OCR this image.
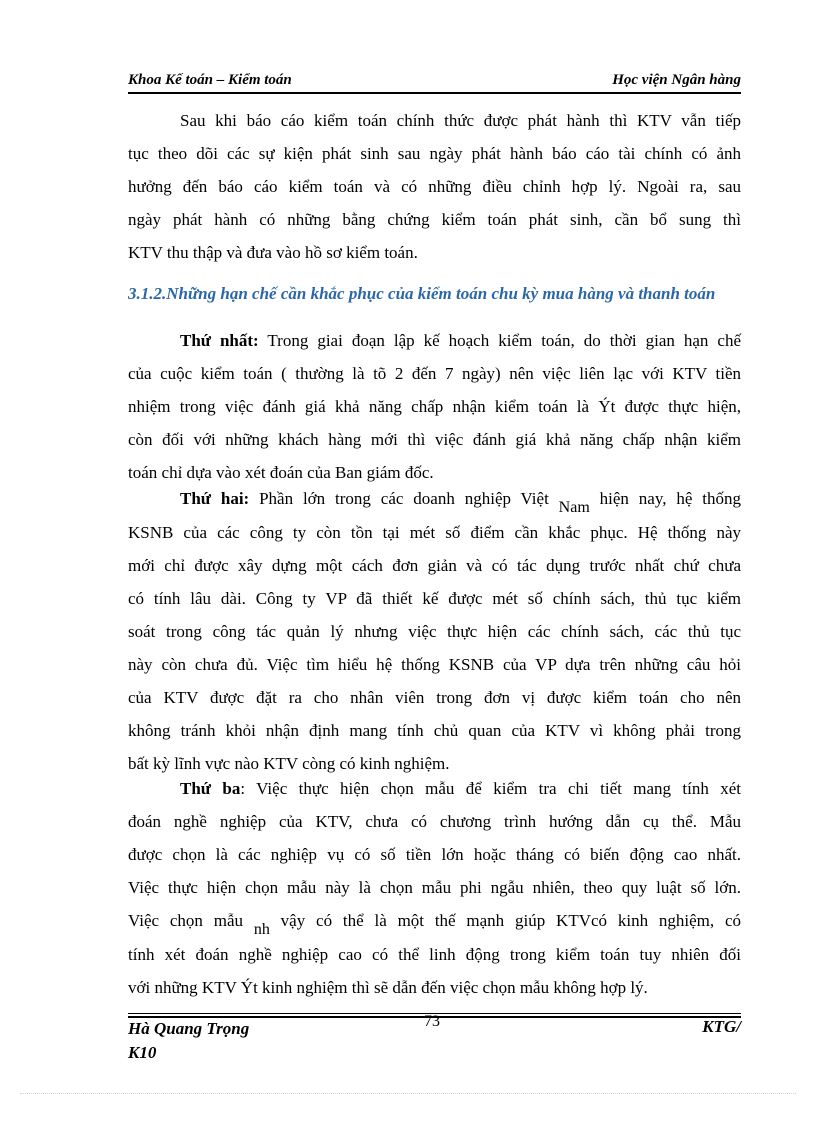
Khoa Kế toán – Kiểm toán	Học viện Ngân hàng
Sau khi báo cáo kiểm toán chính thức được phát hành thì KTV vẫn tiếp
tục theo dõi các sự kiện phát sinh sau ngày phát hành báo cáo tài chính có ảnh
hưởng đến báo cáo kiểm toán và có những điều chỉnh hợp lý. Ngoài ra, sau
ngày phát hành có những bằng chứng kiểm toán phát sinh, cần bổ sung thì
KTV thu thập và đưa vào hồ sơ kiểm toán.
3.1.2.Những hạn chế cần khắc phục của kiểm toán chu kỳ mua hàng và thanh toán
Thứ nhất: Trong giai đoạn lập kế hoạch kiểm toán, do thời gian hạn chế
của cuộc kiểm toán ( thường là tõ 2 đến 7 ngày) nên việc liên lạc với KTV tiền
nhiệm trong việc đánh giá khả năng chấp nhận kiểm toán là Ýt được thực hiện,
còn đối với những khách hàng mới thì việc đánh giá khả năng chấp nhận kiểm
toán chỉ dựa vào xét đoán của Ban giám đốc.
Thứ hai: Phần lớn trong các doanh nghiệp Việt Nam hiện nay, hệ thống
KSNB của các công ty còn tồn tại mét số điểm cần khắc phục. Hệ thống này
mới chỉ được xây dựng một cách đơn giản và có tác dụng trước nhất chứ chưa
có tính lâu dài. Công ty VP đã thiết kế được mét số chính sách, thủ tục kiểm
soát trong công tác quản lý nhưng việc thực hiện các chính sách, các thủ tục
này còn chưa đủ. Việc tìm hiểu hệ thống KSNB của VP dựa trên những câu hỏi
của KTV được đặt ra cho nhân viên trong đơn vị được kiểm toán cho nên
không tránh khỏi nhận định mang tính chủ quan của KTV vì không phải trong
bất kỳ lĩnh vực nào KTV còng có kinh nghiệm.
Thứ ba: Việc thực hiện chọn mẫu để kiểm tra chi tiết mang tính xét
đoán nghề nghiệp của KTV, chưa có chương trình hướng dẫn cụ thể. Mẫu
được chọn là các nghiệp vụ có số tiền lớn hoặc tháng có biến động cao nhất.
Việc thực hiện chọn mẫu này là chọn mẫu phi ngẫu nhiên, theo quy luật số lớn.
Việc chọn mẫu nh vậy có thể là một thế mạnh giúp KTVcó kinh nghiệm, có
tính xét đoán nghề nghiệp cao có thể linh động trong kiểm toán tuy nhiên đối
với những KTV Ýt kinh nghiệm thì sẽ dẫn đến việc chọn mẫu không hợp lý.
Hà Quang Trọng
K10
73	KTG/
